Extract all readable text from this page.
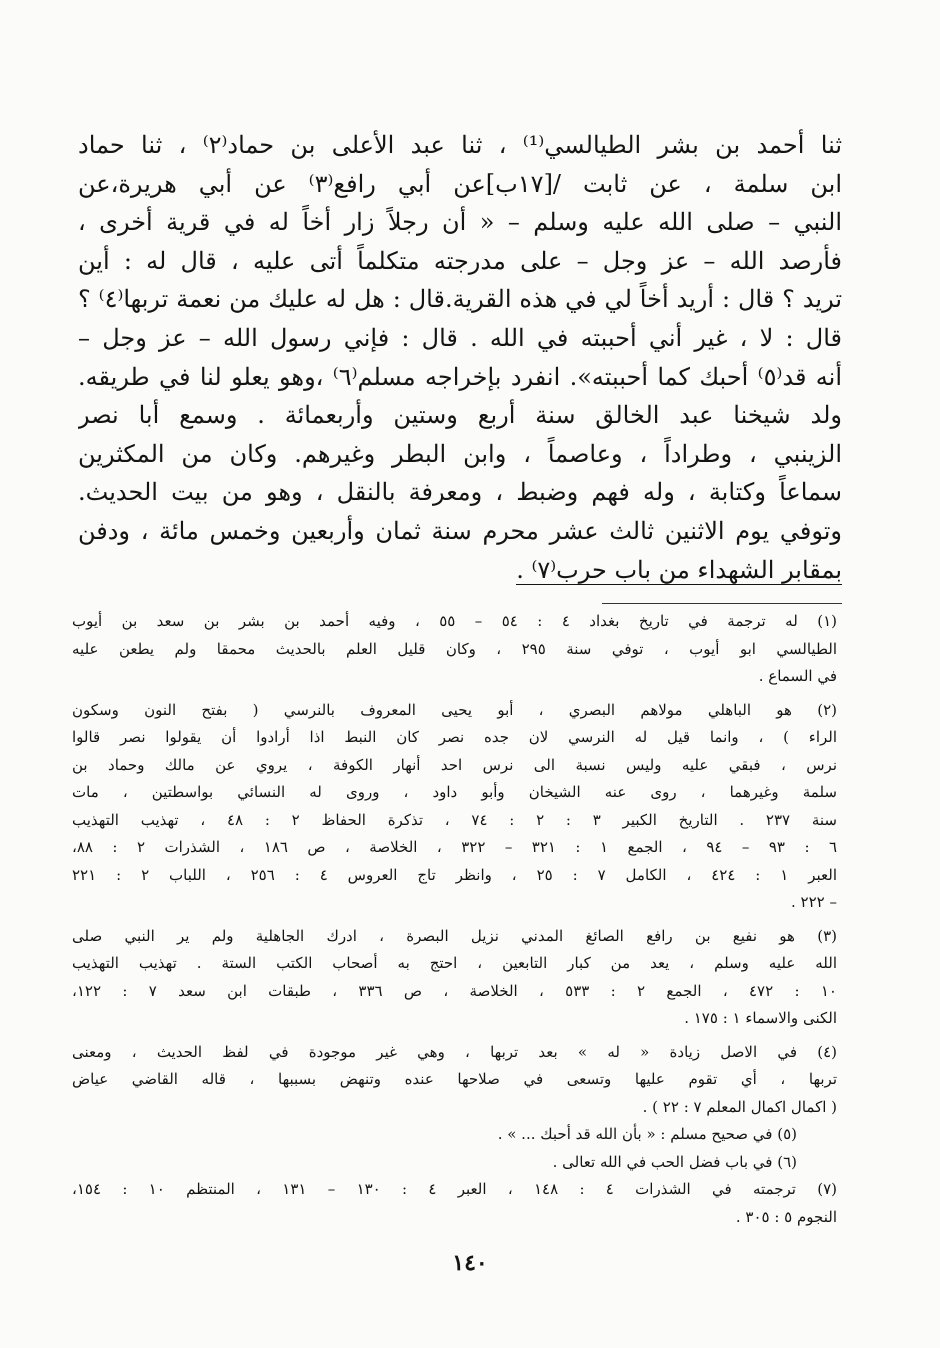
ثنا أحمد بن بشر الطيالسي⁽¹⁾ ، ثنا عبد الأعلى بن حماد⁽٢⁾ ، ثنا حماد
ابن سلمة ، عن ثابت /[١٧ب]عن أبي رافع⁽٣⁾ عن أبي هريرة،عن
النبي – صلى الله عليه وسلم – « أن رجلاً زار أخاً له في قرية أخرى ،
فأرصد الله – عز وجل – على مدرجته متكلماً أتى عليه ، قال له : أين
تريد ؟ قال : أريد أخاً لي في هذه القرية.قال : هل له عليك من نعمة تربها⁽٤⁾ ؟
قال : لا ، غير أني أحببته في الله . قال : فإني رسول الله – عز وجل –
أنه قد⁽٥⁾ أحبك كما أحببته». انفرد بإخراجه مسلم⁽٦⁾ ،وهو يعلو لنا في طريقه.
ولد شيخنا عبد الخالق سنة أربع وستين وأربعمائة . وسمع أبا نصر
الزينبي ، وطراداً ، وعاصماً ، وابن البطر وغيرهم. وكان من المكثرين
سماعاً وكتابة ، وله فهم وضبط ، ومعرفة بالنقل ، وهو من بيت الحديث.
وتوفي يوم الاثنين ثالث عشر محرم سنة ثمان وأربعين وخمس مائة ، ودفن
بمقابر الشهداء من باب حرب⁽٧⁾ .
(١) له ترجمة في تاريخ بغداد ٤ : ٥٤ – ٥٥ ، وفيه أحمد بن بشر بن سعد بن أيوب
الطيالسي ابو أيوب ، توفي سنة ٢٩٥ ، وكان قليل العلم بالحديث محمقا ولم يطعن عليه
في السماع .
(٢) هو الباهلي مولاهم البصري ، أبو يحيى المعروف بالنرسي ( بفتح النون وسكون
الراء ) ، وانما قيل له النرسي لان جده نصر كان النبط اذا أرادوا أن يقولوا نصر قالوا
نرس ، فبقي عليه وليس نسبة الى نرس احد أنهار الكوفة ، يروي عن مالك وحماد بن
سلمة وغيرهما ، روى عنه الشيخان وأبو داود ، وروى له النسائي بواسطتين ، مات
سنة ٢٣٧ . التاريخ الكبير ٣ : ٢ : ٧٤ ، تذكرة الحفاظ ٢ : ٤٨ ، تهذيب التهذيب
٦ : ٩٣ – ٩٤ ، الجمع ١ : ٣٢١ – ٣٢٢ ، الخلاصة ، ص ١٨٦ ، الشذرات ٢ : ٨٨،
العبر ١ : ٤٢٤ ، الكامل ٧ : ٢٥ ، وانظر تاج العروس ٤ : ٢٥٦ ، اللباب ٢ : ٢٢١
– ٢٢٢ .
(٣) هو نفيع بن رافع الصائغ المدني نزيل البصرة ، ادرك الجاهلية ولم ير النبي صلى
الله عليه وسلم ، يعد من كبار التابعين ، احتج به أصحاب الكتب الستة . تهذيب التهذيب
١٠ : ٤٧٢ ، الجمع ٢ : ٥٣٣ ، الخلاصة ، ص ٣٣٦ ، طبقات ابن سعد ٧ : ١٢٢،
الكنى والاسماء ١ : ١٧٥ .
(٤) في الاصل زيادة « له » بعد تربها ، وهي غير موجودة في لفظ الحديث ، ومعنى
تربها ، أي تقوم عليها وتسعى في صلاحها عنده وتنهض بسببها ، قاله القاضي عياض
( اكمال اكمال المعلم ٧ : ٢٢ ) .
(٥) في صحيح مسلم : « بأن الله قد أحبك ... » .
(٦) في باب فضل الحب في الله تعالى .
(٧) ترجمته في الشذرات ٤ : ١٤٨ ، العبر ٤ : ١٣٠ – ١٣١ ، المنتظم ١٠ : ١٥٤،
النجوم ٥ : ٣٠٥ .
١٤٠
